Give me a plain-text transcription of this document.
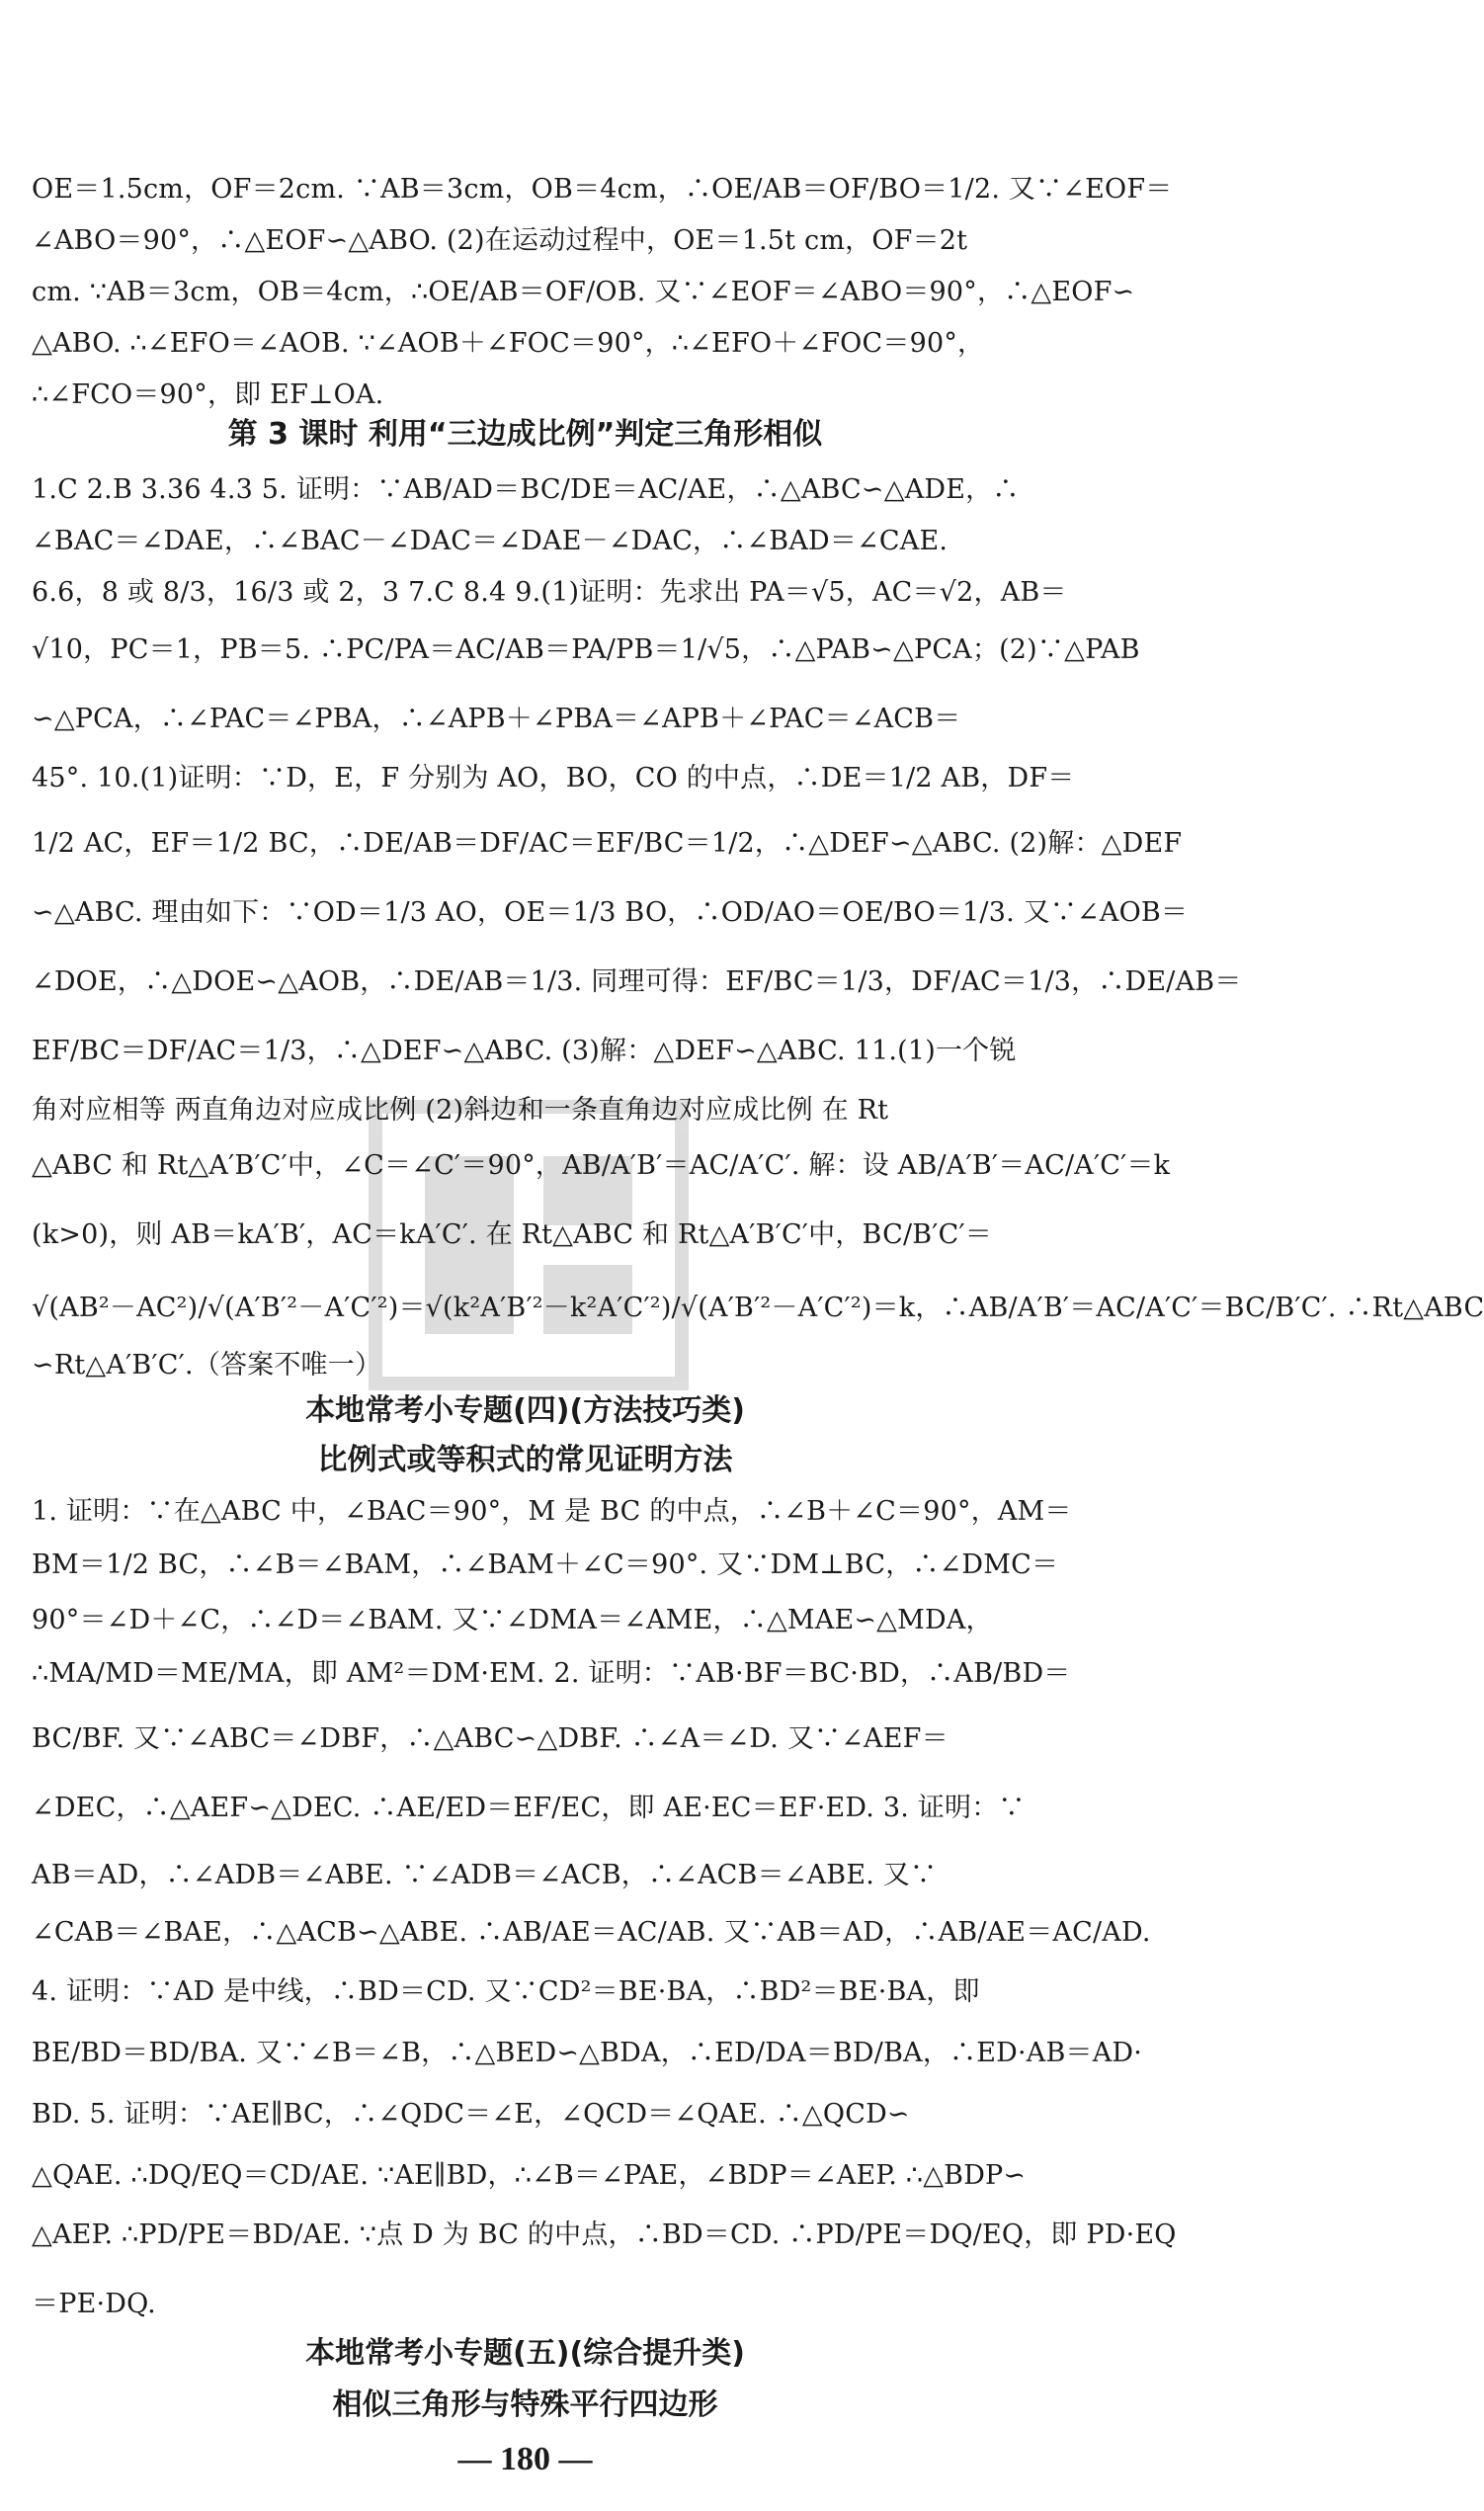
OE＝1.5cm，OF＝2cm. ∵AB＝3cm，OB＝4cm，∴OE/AB＝OF/BO＝1/2. 又∵∠EOF＝
∠ABO＝90°，∴△EOF∽△ABO. (2)在运动过程中，OE＝1.5t cm，OF＝2t
cm. ∵AB＝3cm，OB＝4cm，∴OE/AB＝OF/OB. 又∵∠EOF＝∠ABO＝90°，∴△EOF∽
△ABO. ∴∠EFO＝∠AOB. ∵∠AOB＋∠FOC＝90°，∴∠EFO＋∠FOC＝90°，
∴∠FCO＝90°，即 EF⊥OA.
第 3 课时 利用“三边成比例”判定三角形相似
1.C 2.B 3.36 4.3 5. 证明：∵AB/AD＝BC/DE＝AC/AE，∴△ABC∽△ADE，∴
∠BAC＝∠DAE，∴∠BAC－∠DAC＝∠DAE－∠DAC，∴∠BAD＝∠CAE.
6.6，8 或 8/3，16/3 或 2，3 7.C 8.4 9.(1)证明：先求出 PA＝√5，AC＝√2，AB＝
√10，PC＝1，PB＝5. ∴PC/PA＝AC/AB＝PA/PB＝1/√5，∴△PAB∽△PCA；(2)∵△PAB
∽△PCA，∴∠PAC＝∠PBA，∴∠APB＋∠PBA＝∠APB＋∠PAC＝∠ACB＝
45°. 10.(1)证明：∵D，E，F 分别为 AO，BO，CO 的中点，∴DE＝1/2 AB，DF＝
1/2 AC，EF＝1/2 BC，∴DE/AB＝DF/AC＝EF/BC＝1/2，∴△DEF∽△ABC. (2)解：△DEF
∽△ABC. 理由如下：∵OD＝1/3 AO，OE＝1/3 BO，∴OD/AO＝OE/BO＝1/3. 又∵∠AOB＝
∠DOE，∴△DOE∽△AOB，∴DE/AB＝1/3. 同理可得：EF/BC＝1/3，DF/AC＝1/3，∴DE/AB＝
EF/BC＝DF/AC＝1/3，∴△DEF∽△ABC. (3)解：△DEF∽△ABC. 11.(1)一个锐
角对应相等 两直角边对应成比例 (2)斜边和一条直角边对应成比例 在 Rt
△ABC 和 Rt△A′B′C′中，∠C＝∠C′＝90°，AB/A′B′＝AC/A′C′. 解：设 AB/A′B′＝AC/A′C′＝k
(k>0)，则 AB＝kA′B′，AC＝kA′C′. 在 Rt△ABC 和 Rt△A′B′C′中，BC/B′C′＝
√(AB²－AC²)/√(A′B′²－A′C′²)＝√(k²A′B′²－k²A′C′²)/√(A′B′²－A′C′²)＝k，∴AB/A′B′＝AC/A′C′＝BC/B′C′. ∴Rt△ABC
∽Rt△A′B′C′.（答案不唯一）
本地常考小专题(四)(方法技巧类)
比例式或等积式的常见证明方法
1. 证明：∵在△ABC 中，∠BAC＝90°，M 是 BC 的中点，∴∠B＋∠C＝90°，AM＝
BM＝1/2 BC，∴∠B＝∠BAM，∴∠BAM＋∠C＝90°. 又∵DM⊥BC，∴∠DMC＝
90°＝∠D＋∠C，∴∠D＝∠BAM. 又∵∠DMA＝∠AME，∴△MAE∽△MDA，
∴MA/MD＝ME/MA，即 AM²＝DM·EM. 2. 证明：∵AB·BF＝BC·BD，∴AB/BD＝
BC/BF. 又∵∠ABC＝∠DBF，∴△ABC∽△DBF. ∴∠A＝∠D. 又∵∠AEF＝
∠DEC，∴△AEF∽△DEC. ∴AE/ED＝EF/EC，即 AE·EC＝EF·ED. 3. 证明：∵
AB＝AD，∴∠ADB＝∠ABE. ∵∠ADB＝∠ACB，∴∠ACB＝∠ABE. 又∵
∠CAB＝∠BAE，∴△ACB∽△ABE. ∴AB/AE＝AC/AB. 又∵AB＝AD，∴AB/AE＝AC/AD.
4. 证明：∵AD 是中线，∴BD＝CD. 又∵CD²＝BE·BA，∴BD²＝BE·BA，即
BE/BD＝BD/BA. 又∵∠B＝∠B，∴△BED∽△BDA，∴ED/DA＝BD/BA，∴ED·AB＝AD·
BD. 5. 证明：∵AE∥BC，∴∠QDC＝∠E，∠QCD＝∠QAE. ∴△QCD∽
△QAE. ∴DQ/EQ＝CD/AE. ∵AE∥BD，∴∠B＝∠PAE，∠BDP＝∠AEP. ∴△BDP∽
△AEP. ∴PD/PE＝BD/AE. ∵点 D 为 BC 的中点，∴BD＝CD. ∴PD/PE＝DQ/EQ，即 PD·EQ
＝PE·DQ.
本地常考小专题(五)(综合提升类)
相似三角形与特殊平行四边形
— 180 —
